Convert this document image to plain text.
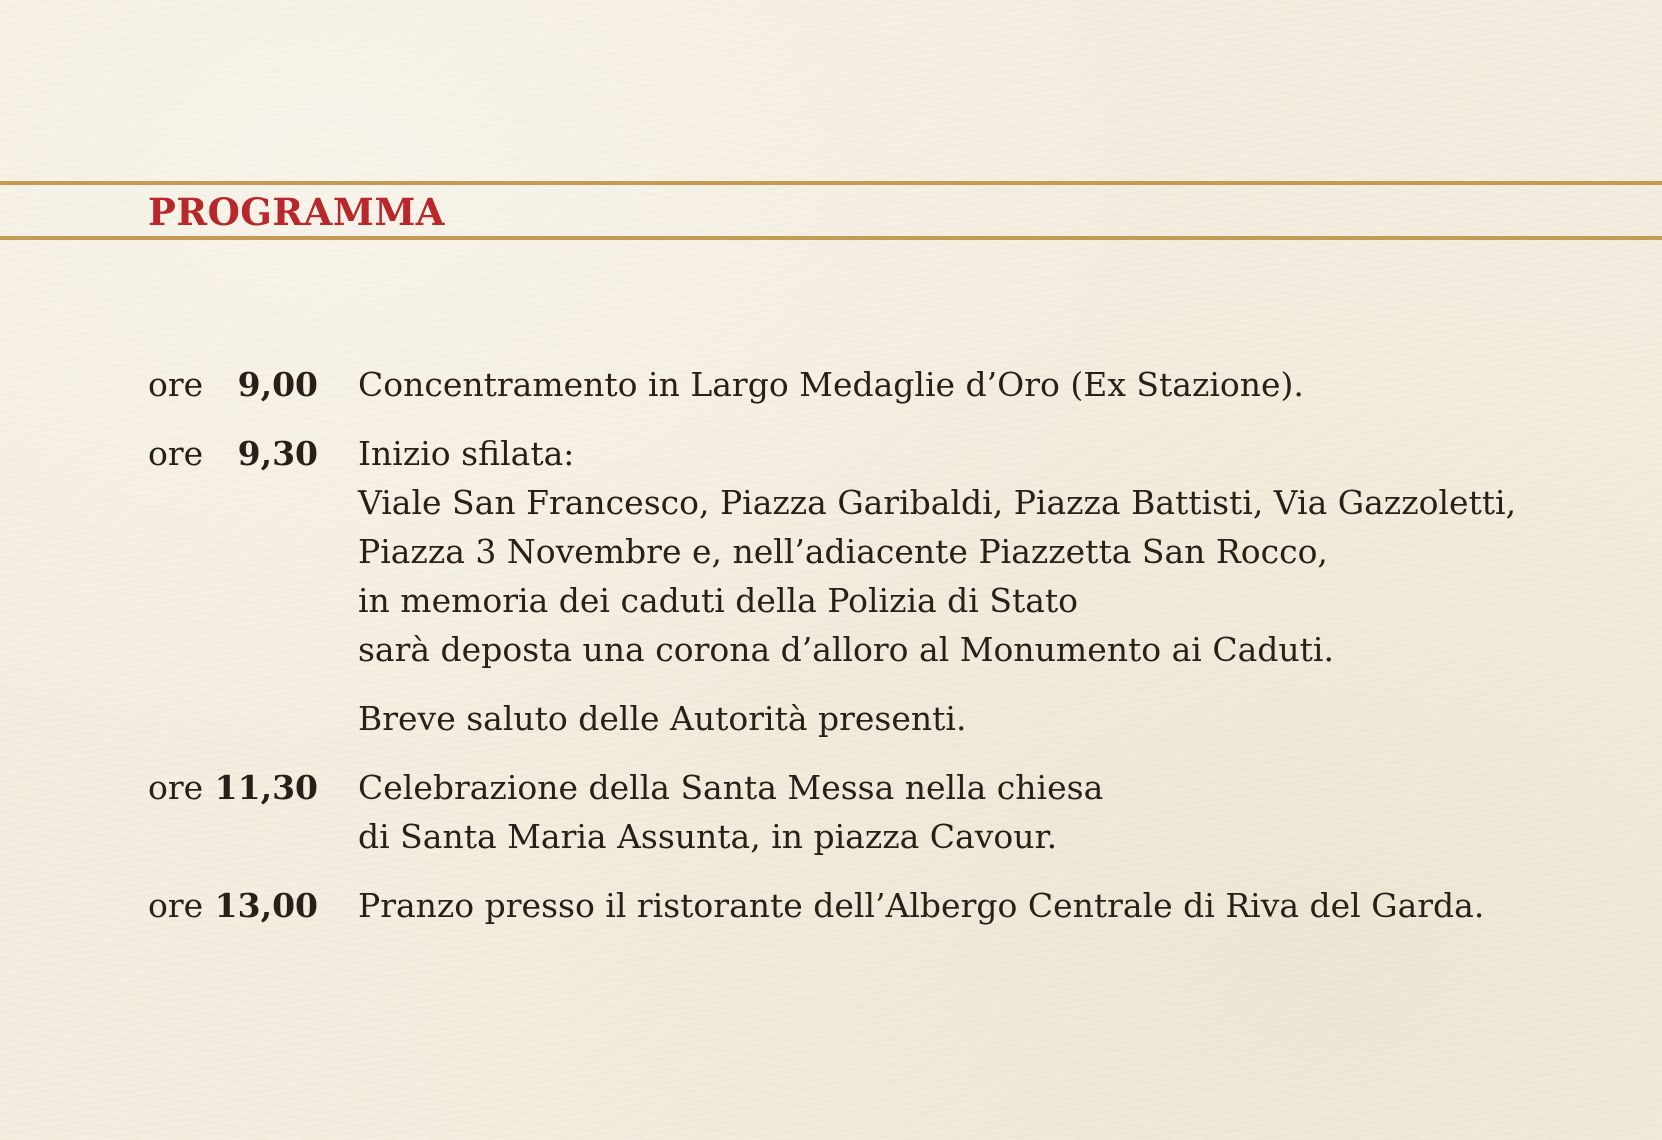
PROGRAMMA
ore 9,00 Concentramento in Largo Medaglie d’Oro (Ex Stazione).
ore 9,30 Inizio sfilata:
Viale San Francesco, Piazza Garibaldi, Piazza Battisti, Via Gazzoletti,
Piazza 3 Novembre e, nell’adiacente Piazzetta San Rocco,
in memoria dei caduti della Polizia di Stato
sarà deposta una corona d’alloro al Monumento ai Caduti.
Breve saluto delle Autorità presenti.
ore 11,30 Celebrazione della Santa Messa nella chiesa
di Santa Maria Assunta, in piazza Cavour.
ore 13,00 Pranzo presso il ristorante dell’Albergo Centrale di Riva del Garda.
